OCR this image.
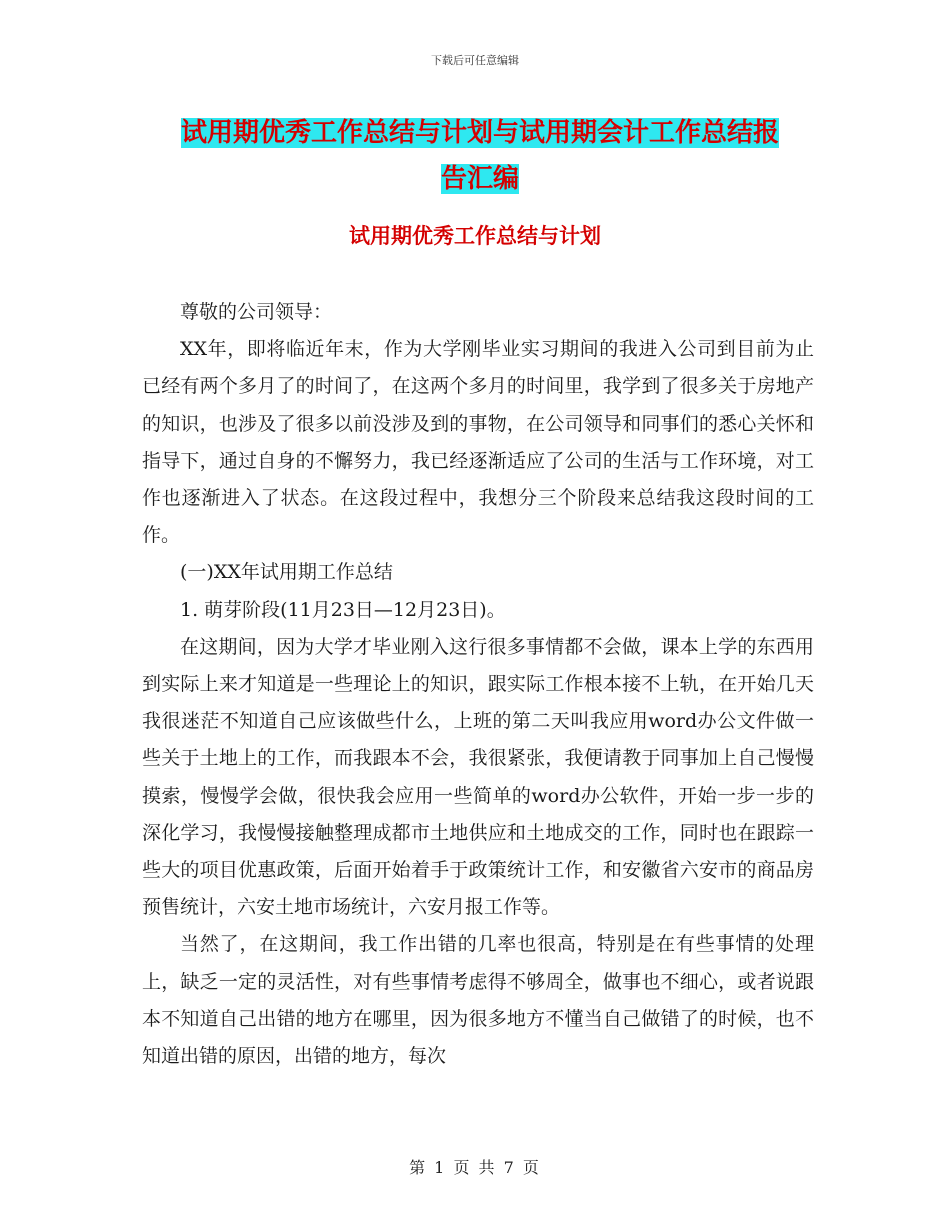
下载后可任意编辑
试用期优秀工作总结与计划与试用期会计工作总结报
告汇编
试用期优秀工作总结与计划

尊敬的公司领导：

XX年，即将临近年末，作为大学刚毕业实习期间的我进入公司到目前为止已经有两个多月了的时间了，在这两个多月的时间里，我学到了很多关于房地产的知识，也涉及了很多以前没涉及到的事物，在公司领导和同事们的悉心关怀和指导下，通过自身的不懈努力，我已经逐渐适应了公司的生活与工作环境，对工作也逐渐进入了状态。在这段过程中，我想分三个阶段来总结我这段时间的工作。

(一)XX年试用期工作总结

1. 萌芽阶段(11月23日—12月23日)。

在这期间，因为大学才毕业刚入这行很多事情都不会做，课本上学的东西用到实际上来才知道是一些理论上的知识，跟实际工作根本接不上轨，在开始几天我很迷茫不知道自己应该做些什么，上班的第二天叫我应用word办公文件做一些关于土地上的工作，而我跟本不会，我很紧张，我便请教于同事加上自己慢慢摸索，慢慢学会做，很快我会应用一些简单的word办公软件，开始一步一步的深化学习，我慢慢接触整理成都市土地供应和土地成交的工作，同时也在跟踪一些大的项目优惠政策，后面开始着手于政策统计工作，和安徽省六安市的商品房预售统计，六安土地市场统计，六安月报工作等。

当然了，在这期间，我工作出错的几率也很高，特别是在有些事情的处理上，缺乏一定的灵活性，对有些事情考虑得不够周全，做事也不细心，或者说跟本不知道自己出错的地方在哪里，因为很多地方不懂当自己做错了的时候，也不知道出错的原因，出错的地方，每次

第 1 页 共 7 页
